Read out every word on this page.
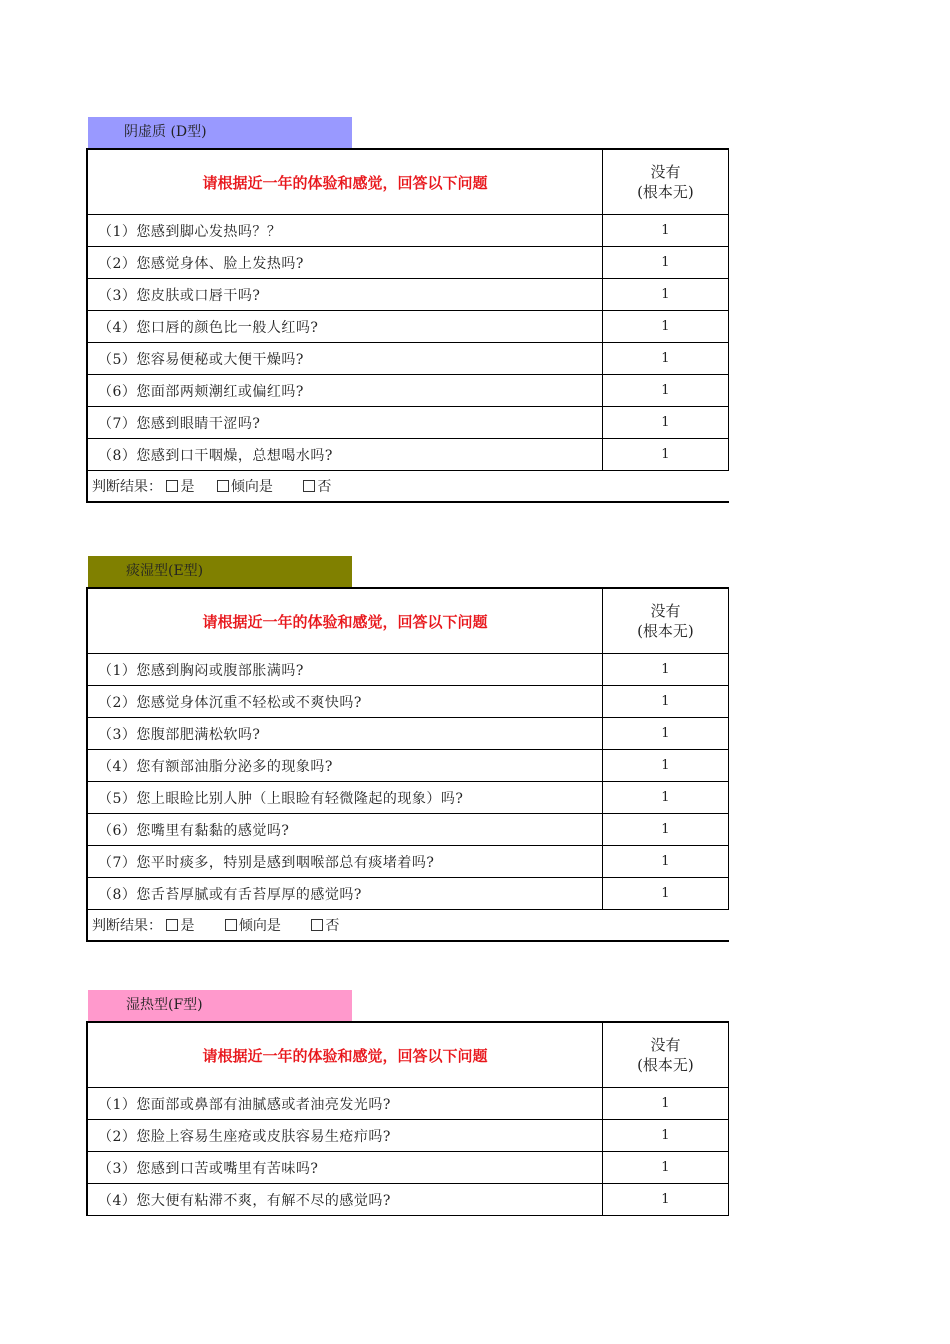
阴虚质 (D型)
请根据近一年的体验和感觉，回答以下问题	没有
(根本无)

（1）您感到脚心发热吗？？	1
（2）您感觉身体、脸上发热吗?	1
（3）您皮肤或口唇干吗?	1
（4）您口唇的颜色比一般人红吗?	1
（5）您容易便秘或大便干燥吗?	1
（6）您面部两颊潮红或偏红吗?	1
（7）您感到眼睛干涩吗?	1
（8）您感到口干咽燥，总想喝水吗?	1
判断结果： 是 倾向是 否	
痰湿型(E型)
请根据近一年的体验和感觉，回答以下问题	没有
(根本无)

（1）您感到胸闷或腹部胀满吗?	1
（2）您感觉身体沉重不轻松或不爽快吗?	1
（3）您腹部肥满松软吗?	1
（4）您有额部油脂分泌多的现象吗?	1
（5）您上眼睑比别人肿（上眼睑有轻微隆起的现象）吗?	1
（6）您嘴里有黏黏的感觉吗?	1
（7）您平时痰多，特别是感到咽喉部总有痰堵着吗?	1
（8）您舌苔厚腻或有舌苔厚厚的感觉吗?	1
判断结果： 是 倾向是 否	
湿热型(F型)
请根据近一年的体验和感觉，回答以下问题	没有
(根本无)

（1）您面部或鼻部有油腻感或者油亮发光吗?	1
（2）您脸上容易生座疮或皮肤容易生疮疖吗?	1
（3）您感到口苦或嘴里有苦味吗?	1
（4）您大便有粘滞不爽，有解不尽的感觉吗?	1
